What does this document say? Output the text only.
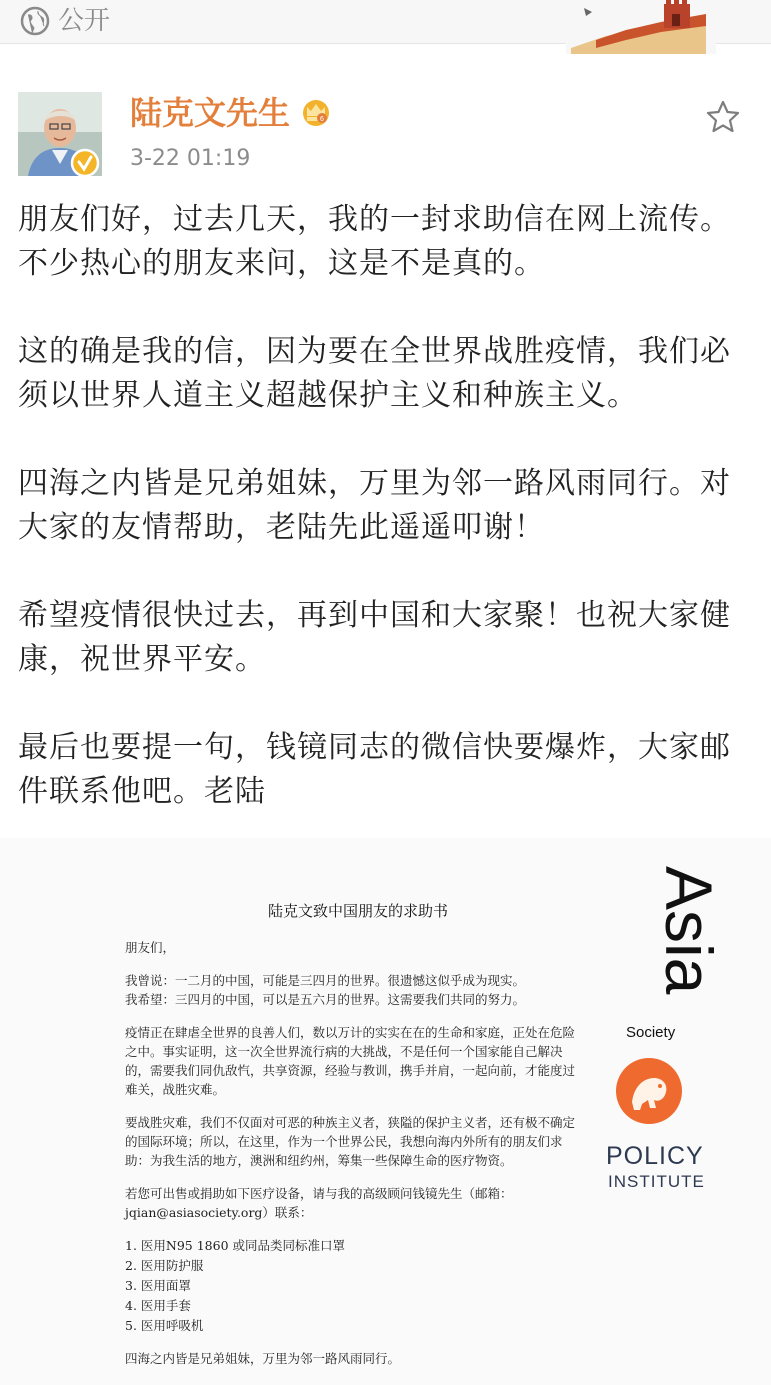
公开
陆克文先生	6
3-22 01:19

朋友们好，过去几天，我的一封求助信在网上流传。不少热心的朋友来问，这是不是真的。

这的确是我的信，因为要在全世界战胜疫情，我们必须以世界人道主义超越保护主义和种族主义。

四海之内皆是兄弟姐妹，万里为邻一路风雨同行。对大家的友情帮助，老陆先此遥遥叩谢！

希望疫情很快过去，再到中国和大家聚！也祝大家健康，祝世界平安。

最后也要提一句，钱镜同志的微信快要爆炸，大家邮件联系他吧。老陆

陆克文致中国朋友的求助书

朋友们，

我曾说：一二月的中国，可能是三四月的世界。很遗憾这似乎成为现实。
我希望：三四月的中国，可以是五六月的世界。这需要我们共同的努力。

疫情正在肆虐全世界的良善人们，数以万计的实实在在的生命和家庭，正处在危险之中。事实证明，这一次全世界流行病的大挑战，不是任何一个国家能自己解决的，需要我们同仇敌忾，共享资源，经验与教训，携手并肩，一起向前，才能度过难关，战胜灾难。

要战胜灾难，我们不仅面对可恶的种族主义者，狭隘的保护主义者，还有极不确定的国际环境；所以，在这里，作为一个世界公民，我想向海内外所有的朋友们求助：为我生活的地方，澳洲和纽约州，筹集一些保障生命的医疗物资。

若您可出售或捐助如下医疗设备，请与我的高级顾问钱镜先生（邮箱：jqian@asiasociety.org）联系：

1. 医用N95 1860 或同品类同标准口罩
2. 医用防护服
3. 医用面罩
4. 医用手套
5. 医用呼吸机

四海之内皆是兄弟姐妹，万里为邻一路风雨同行。

Asia
Society
POLICY
INSTITUTE
